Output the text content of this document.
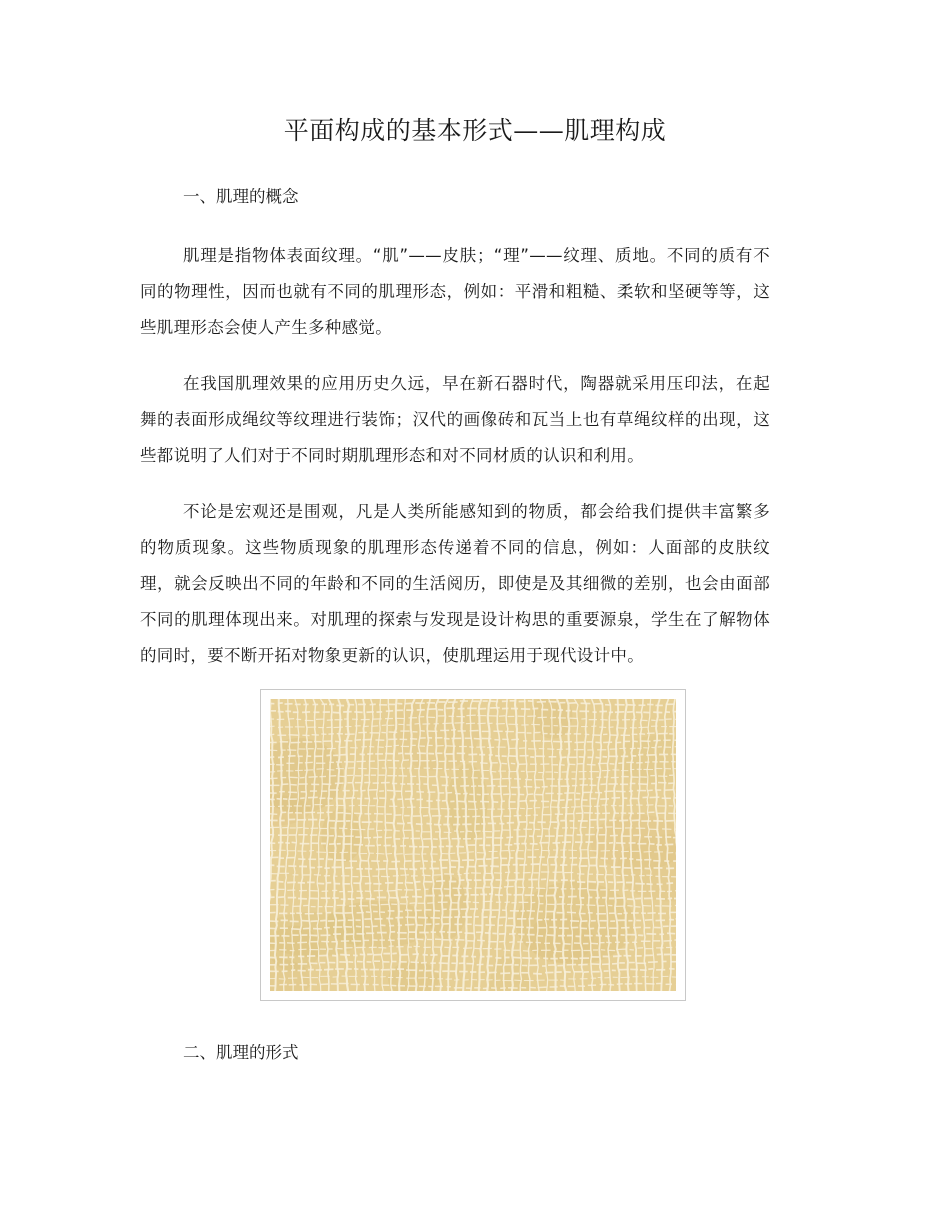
平面构成的基本形式——肌理构成
一、肌理的概念
肌理是指物体表面纹理。“肌”——皮肤；“理”——纹理、质地。不同的质有不同的物理性，因而也就有不同的肌理形态，例如：平滑和粗糙、柔软和坚硬等等，这些肌理形态会使人产生多种感觉。
在我国肌理效果的应用历史久远，早在新石器时代，陶器就采用压印法，在起舞的表面形成绳纹等纹理进行装饰；汉代的画像砖和瓦当上也有草绳纹样的出现，这些都说明了人们对于不同时期肌理形态和对不同材质的认识和利用。
不论是宏观还是围观，凡是人类所能感知到的物质，都会给我们提供丰富繁多的物质现象。这些物质现象的肌理形态传递着不同的信息，例如：人面部的皮肤纹理，就会反映出不同的年龄和不同的生活阅历，即使是及其细微的差别，也会由面部不同的肌理体现出来。对肌理的探索与发现是设计构思的重要源泉，学生在了解物体的同时，要不断开拓对物象更新的认识，使肌理运用于现代设计中。
二、肌理的形式
